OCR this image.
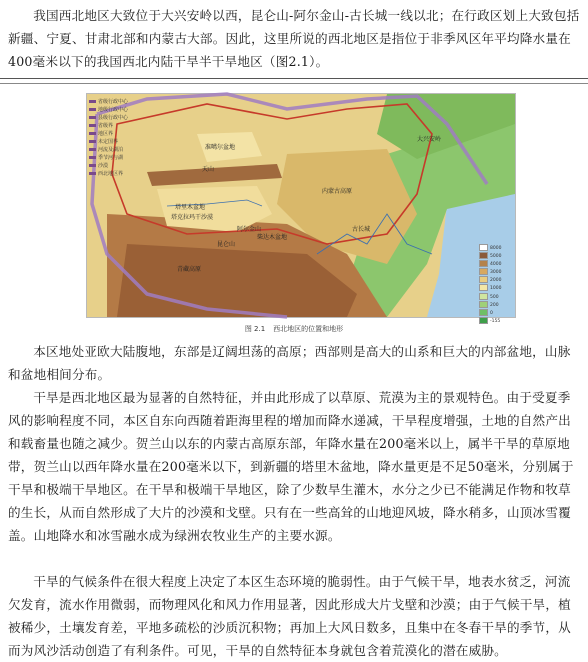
我国西北地区大致位于大兴安岭以西，昆仑山-阿尔金山-古长城一线以北；在行政区划上大致包括新疆、宁夏、甘肃北部和内蒙古大部。因此，这里所说的西北地区是指位于非季风区年平均降水量在400毫米以下的我国西北内陆干旱半干旱地区（图2.1）。

省级行政中心
地级行政中心
县级行政中心
省级界
地区界
未定国界
河流及湖泊
季节河与湖
沙漠
西北地区界
天山
准噶尔盆地
塔里木盆地
塔克拉玛干沙漠
柴达木盆地
青藏高原
内蒙古高原
古长城
阿尔金山
昆仑山
大兴安岭
8000
5000
4000
3000
2000
1000
500
200
0
-155
图 2.1 西北地区的位置和地形

本区地处亚欧大陆腹地，东部是辽阔坦荡的高原；西部则是高大的山系和巨大的内部盆地，山脉和盆地相间分布。

干旱是西北地区最为显著的自然特征，并由此形成了以草原、荒漠为主的景观特色。由于受夏季风的影响程度不同，本区自东向西随着距海里程的增加而降水递减，干旱程度增强，土地的自然产出和载畜量也随之减少。贺兰山以东的内蒙古高原东部，年降水量在200毫米以上，属半干旱的草原地带，贺兰山以西年降水量在200毫米以下，到新疆的塔里木盆地，降水量更是不足50毫米，分别属于干旱和极端干旱地区。在干旱和极端干旱地区，除了少数旱生灌木，水分之少已不能满足作物和牧草的生长，从而自然形成了大片的沙漠和戈壁。只有在一些高耸的山地迎风坡，降水稍多，山顶冰雪覆盖。山地降水和冰雪融水成为绿洲农牧业生产的主要水源。

干旱的气候条件在很大程度上决定了本区生态环境的脆弱性。由于气候干旱，地表水贫乏，河流欠发育，流水作用微弱，而物理风化和风力作用显著，因此形成大片戈壁和沙漠；由于气候干旱，植被稀少，土壤发育差，平地多疏松的沙质沉积物；再加上大风日数多，且集中在冬春干旱的季节，从而为风沙活动创造了有利条件。可见，干旱的自然特征本身就包含着荒漠化的潜在威胁。
